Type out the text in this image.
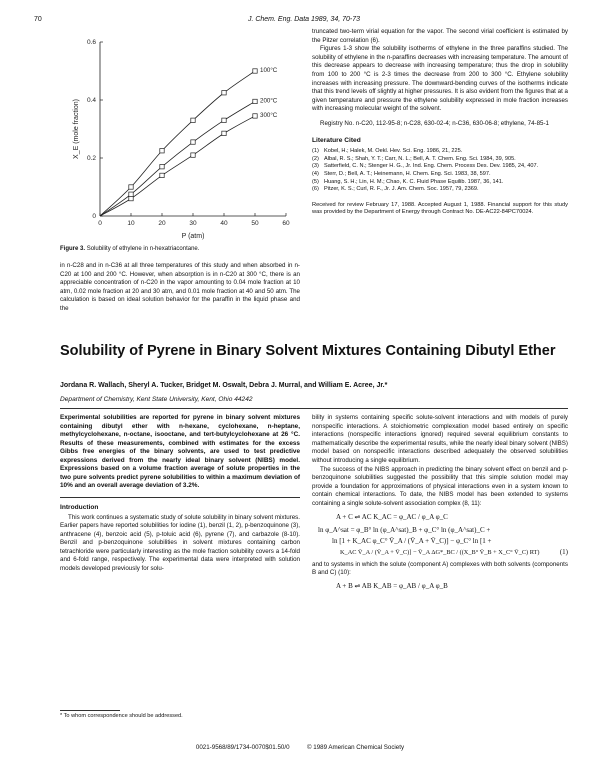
70	J. Chem. Eng. Data 1989, 34, 70-73
0	10	20	30	40	50	60
0
0.2
0.4
0.6
P (atm)
X_E (mole fraction)
100°C
200°C
300°C
Figure 3. Solubility of ethylene in n-hexatriacontane.

in n-C28 and in n-C36 at all three temperatures of this study and when absorbed in n-C20 at 100 and 200 °C. However, when absorption is in n-C20 at 300 °C, there is an appreciable concentration of n-C20 in the vapor amounting to 0.04 mole fraction at 10 atm, 0.02 mole fraction at 20 and 30 atm, and 0.01 mole fraction at 40 and 50 atm. The calculation is based on ideal solution behavior for the paraffin in the liquid phase and the

truncated two-term virial equation for the vapor. The second virial coefficient is estimated by the Pitzer correlation (6).

Figures 1-3 show the solubility isotherms of ethylene in the three paraffins studied. The solubility of ethylene in the n-paraffins decreases with increasing temperature. The amount of this decrease appears to decrease with increasing temperature; thus the drop in solubility from 100 to 200 °C is 2-3 times the decrease from 200 to 300 °C. Ethylene solubility increases with increasing pressure. The downward-bending curves of the isotherms indicate that this trend levels off slightly at higher pressures. It is also evident from the figures that at a given temperature and pressure the ethylene solubility expressed in mole fraction increases with increasing molecular weight of the solvent.

Registry No. n-C20, 112-95-8; n-C28, 630-02-4; n-C36, 630-06-8; ethylene, 74-85-1

Literature Cited
(1) Kobel, H.; Halek, M. Oekl. Hev. Sci. Eng. 1986, 21, 225.
(2) Albal, R. S.; Shah, Y. T.; Carr, N. L.; Bell, A. T. Chem. Eng. Sci. 1984, 39, 905.
(3) Satterfield, C. N.; Stenger H. G., Jr. Ind. Eng. Chem. Process Des. Dev. 1985, 24, 407.
(4) Sterr, D.; Bell, A. T.; Heinemann, H. Chem. Eng. Sci. 1983, 38, 597.
(5) Huang, S. H.; Lin, H. M.; Chao, K. C. Fluid Phase Equilib. 1987, 36, 141.
(6) Pitzer, K. S.; Curl, R. F., Jr. J. Am. Chem. Soc. 1957, 79, 2369.

Received for review February 17, 1988. Accepted August 1, 1988. Financial support for this study was provided by the Department of Energy through Contract No. DE-AC22-84PC70024.

Solubility of Pyrene in Binary Solvent Mixtures Containing Dibutyl Ether
Jordana R. Wallach, Sheryl A. Tucker, Bridget M. Oswalt, Debra J. Murral, and William E. Acree, Jr.*
Department of Chemistry, Kent State University, Kent, Ohio 44242
Experimental solubilities are reported for pyrene in binary solvent mixtures containing dibutyl ether with n-hexane, cyclohexane, n-heptane, methylcyclohexane, n-octane, isooctane, and tert-butylcyclohexane at 26 °C. Results of these measurements, combined with estimates for the excess Gibbs free energies of the binary solvents, are used to test predictive expressions derived from the nearly ideal binary solvent (NIBS) model. Expressions based on a volume fraction average of solute properties in the two pure solvents predict pyrene solubilities to within a maximum deviation of 10% and an overall average deviation of 3.2%.
Introduction

This work continues a systematic study of solute solubility in binary solvent mixtures. Earlier papers have reported solubilities for iodine (1), benzil (1, 2), p-benzoquinone (3), anthracene (4), benzoic acid (5), p-toluic acid (6), pyrene (7), and carbazole (8-10). Benzil and p-benzoquinone solubilities in solvent mixtures containing carbon tetrachloride were particularly interesting as the mole fraction solubility covers a 14-fold and 6-fold range, respectively. The experimental data were interpreted with solution models developed previously for solu-

* To whom correspondence should be addressed.

bility in systems containing specific solute-solvent interactions and with models of purely nonspecific interactions. A stoichiometric complexation model based entirely on specific interactions (nonspecific interactions ignored) required several equilibrium constants to mathematically describe the experimental results, while the nearly ideal binary solvent (NIBS) model based on nonspecific interactions described adequately the observed solubilities without introducing a single equilibrium.

The success of the NIBS approach in predicting the binary solvent effect on benzil and p-benzoquinone solubilities suggested the possibility that this simple solution model may provide a foundation for approximations of physical interactions even in a system known to contain chemical interactions. To date, the NIBS model has been extended to systems containing a single solute-solvent association complex (8, 11):

A + C ⇌ AC K_AC = φ_AC / φ_A φ_C
ln φ_A^sat = φ_B° ln (φ_A^sat)_B + φ_C° ln (φ_A^sat)_C +
ln [1 + K_AC φ_C° V̄_A / (V̄_A + V̄_C)] − φ_C° ln [1 +
K_AC V̄_A / (V̄_A + V̄_C)] − V̄_A ΔG*_BC / ((X_B° V̄_B + X_C° V̄_C) RT)	(1)

and to systems in which the solute (component A) complexes with both solvents (components B and C) (10):

A + B ⇌ AB K_AB = φ_AB / φ_A φ_B
0021-9568/89/1734-0070$01.50/0	© 1989 American Chemical Society
